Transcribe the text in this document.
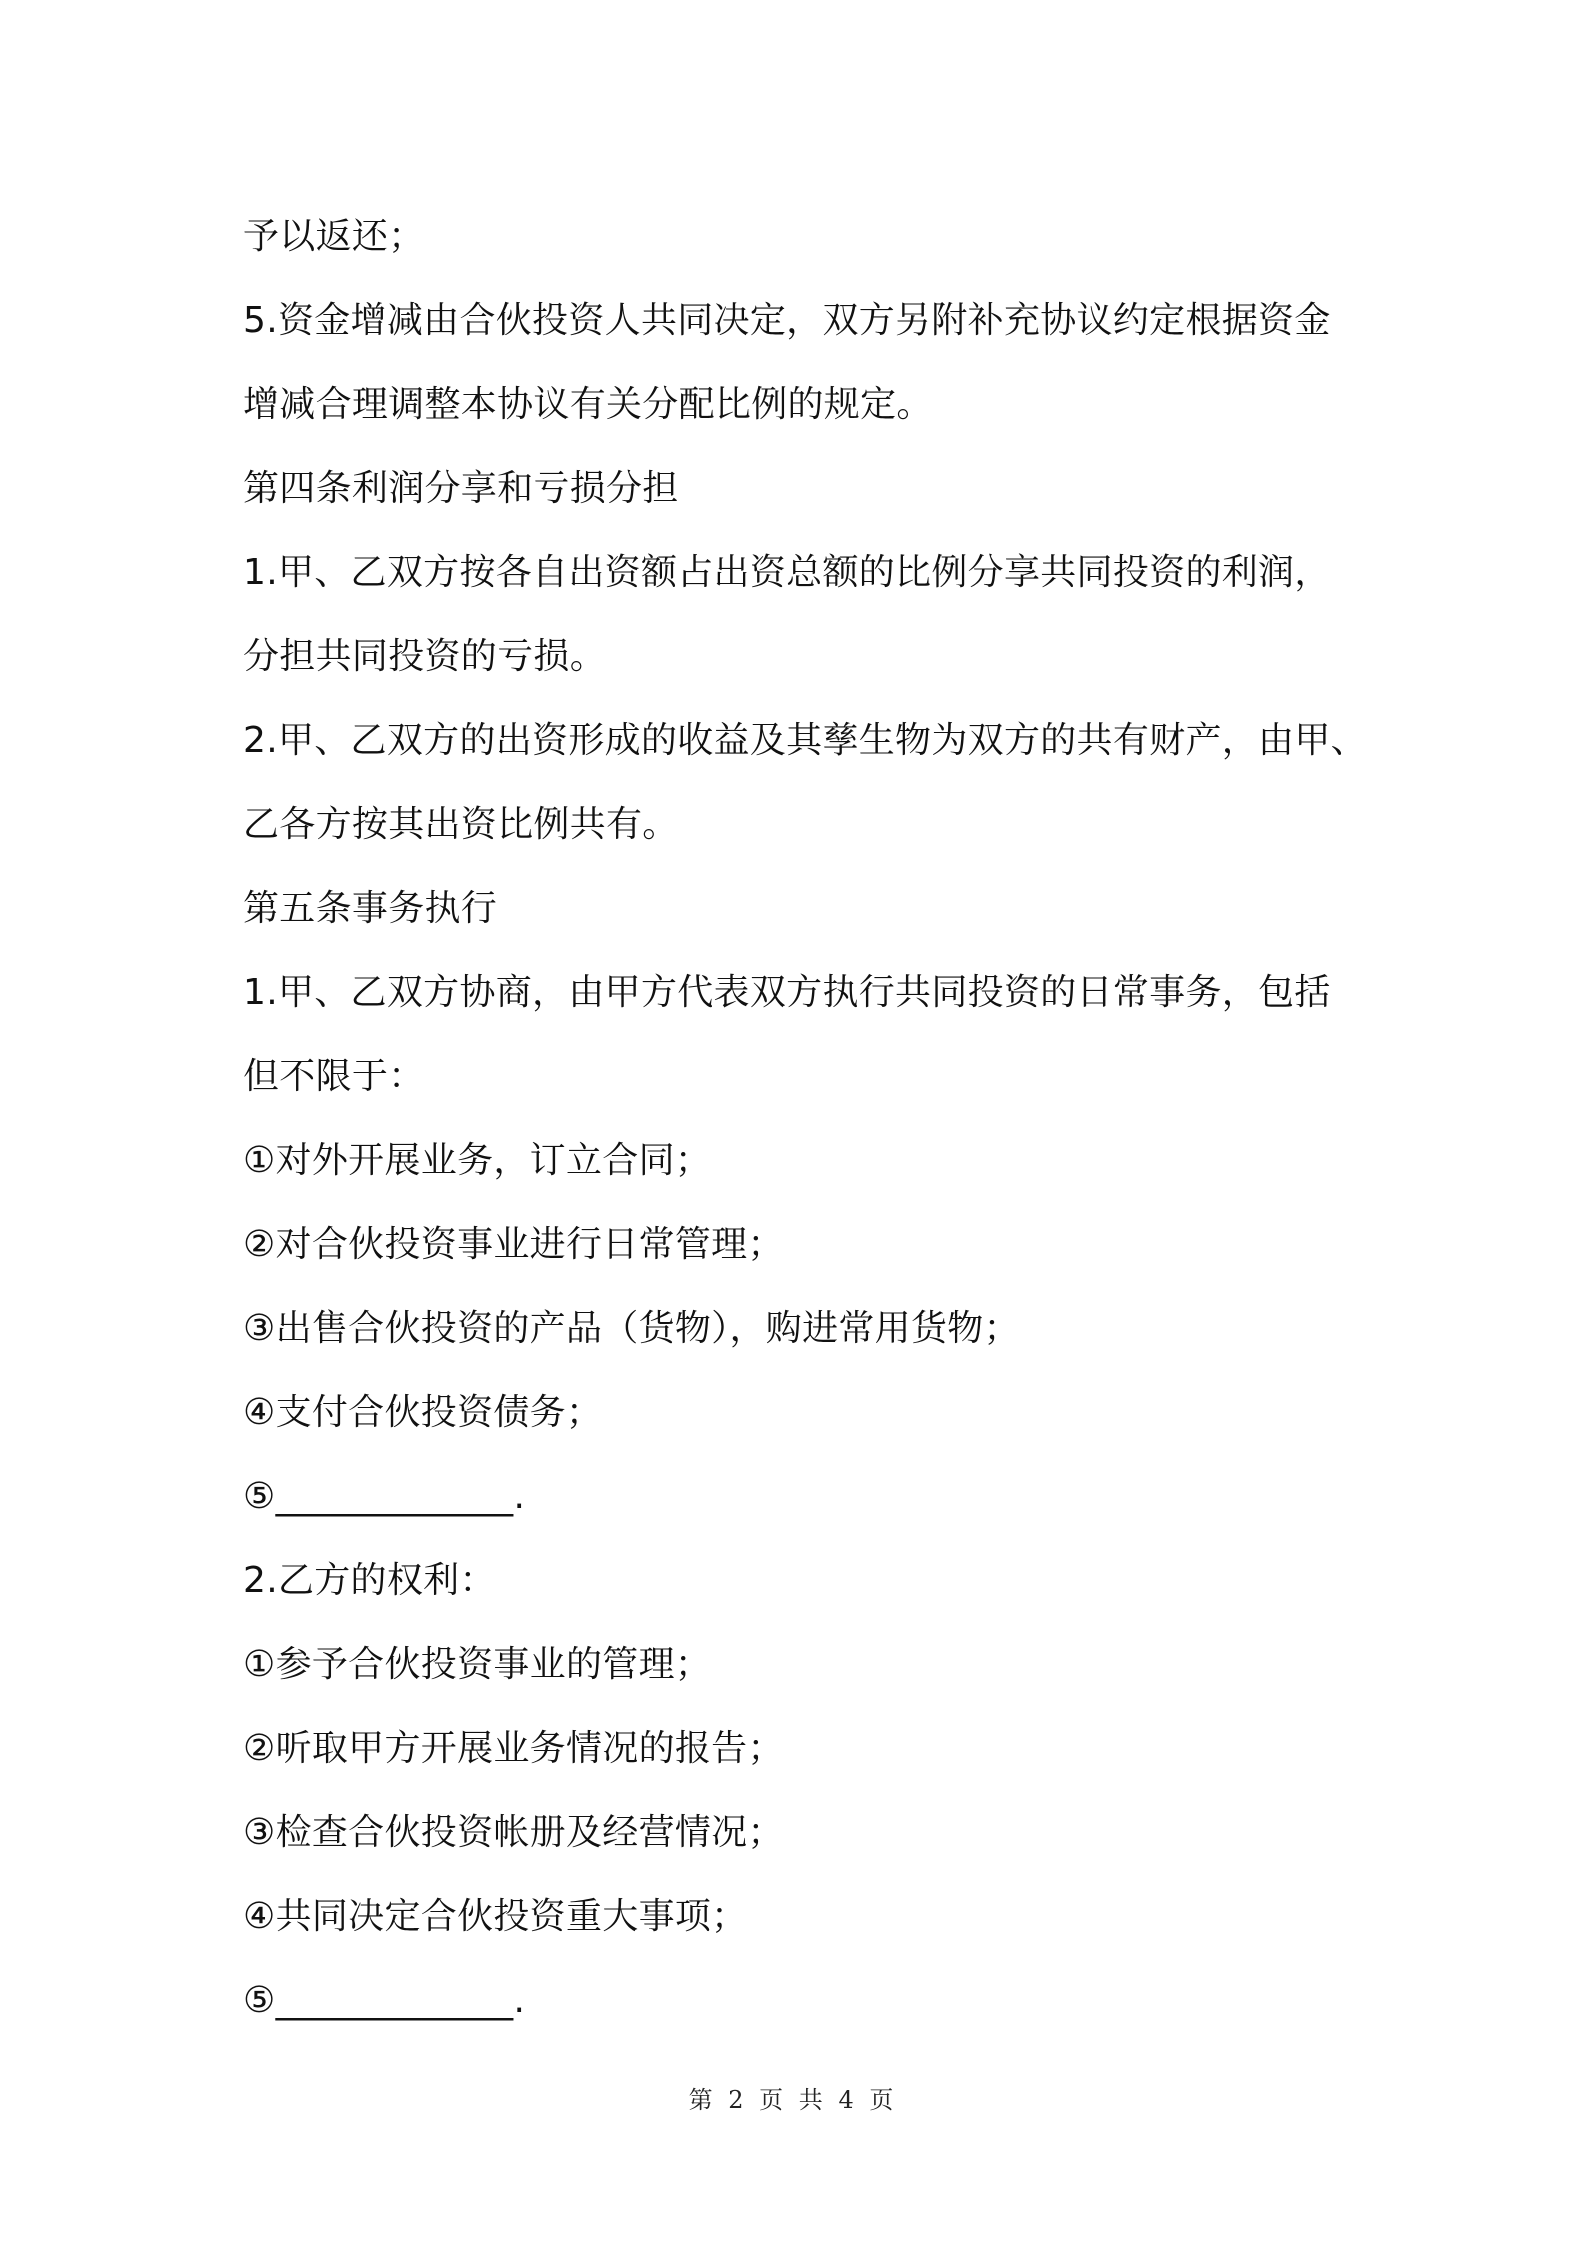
予以返还；
5.资金增减由合伙投资人共同决定，双方另附补充协议约定根据资金
增减合理调整本协议有关分配比例的规定。
第四条利润分享和亏损分担
1.甲、乙双方按各自出资额占出资总额的比例分享共同投资的利润，
分担共同投资的亏损。
2.甲、乙双方的出资形成的收益及其孳生物为双方的共有财产，由甲、
乙各方按其出资比例共有。
第五条事务执行
1.甲、乙双方协商，由甲方代表双方执行共同投资的日常事务，包括
但不限于：
①对外开展业务，订立合同；
②对合伙投资事业进行日常管理；
③出售合伙投资的产品（货物），购进常用货物；
④支付合伙投资债务；
⑤_____________.
2.乙方的权利：
①参予合伙投资事业的管理；
②听取甲方开展业务情况的报告；
③检查合伙投资帐册及经营情况；
④共同决定合伙投资重大事项；
⑤_____________.
第 2 页 共 4 页
